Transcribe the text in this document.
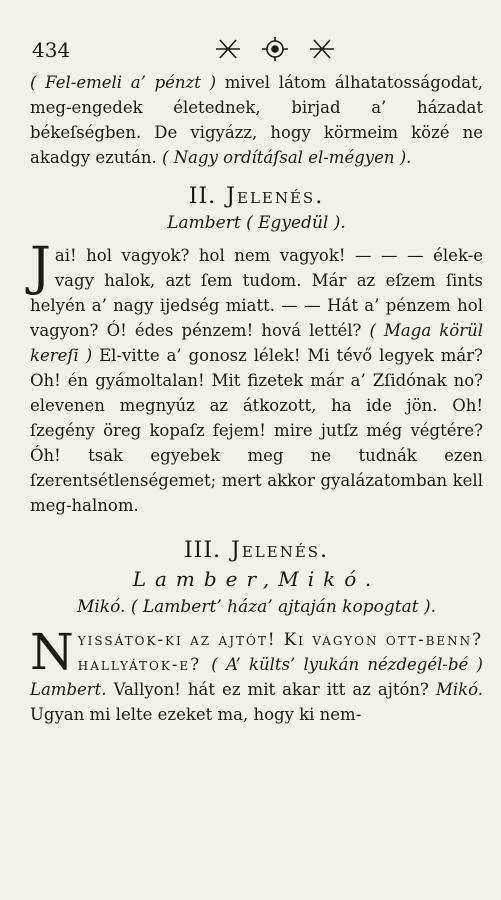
434

( Fel-emeli a’ pénzt ) mivel látom álhatatosságodat, meg-engedek életednek, birjad a’ házadat békeſségben. De vigyázz, hogy körmeim közé ne akadgy ezután. ( Nagy ordítáſsal el-mégyen ).

II. Jelenés.
Lambert ( Egyedül ).

Jai! hol vagyok? hol nem vagyok! — — — élek-e vagy halok, azt ſem tudom. Már az eſzem ſints helyén a’ nagy ijedség miatt. — — Hát a’ pénzem hol vagyon? Ó! édes pénzem! hová lettél? ( Maga körül kereſi ) El-vitte a’ gonosz lélek! Mi tévő legyek már? Oh! én gyámoltalan! Mit fizetek már a’ Zſidónak no? elevenen megnyúz az átkozott, ha ide jön. Oh! ſzegény öreg kopaſz fejem! mire jutſz még végtére? Óh! tsak egyebek meg ne tudnák ezen ſzerentsétlenségemet; mert akkor gyalázatomban kell meg-halnom.

III. Jelenés.
Lamber,Mikó.
Mikó. ( Lambert’ háza’ ajtaján kopogtat ).

Nyissátok-ki az ajtót! Ki vagyon ott-benn? hallyátok-e? ( A’ külts’ lyukán nézdegél-bé ) Lambert. Vallyon! hát ez mit akar itt az ajtón? Mikó. Ugyan mi lelte ezeket ma, hogy ki nem-
